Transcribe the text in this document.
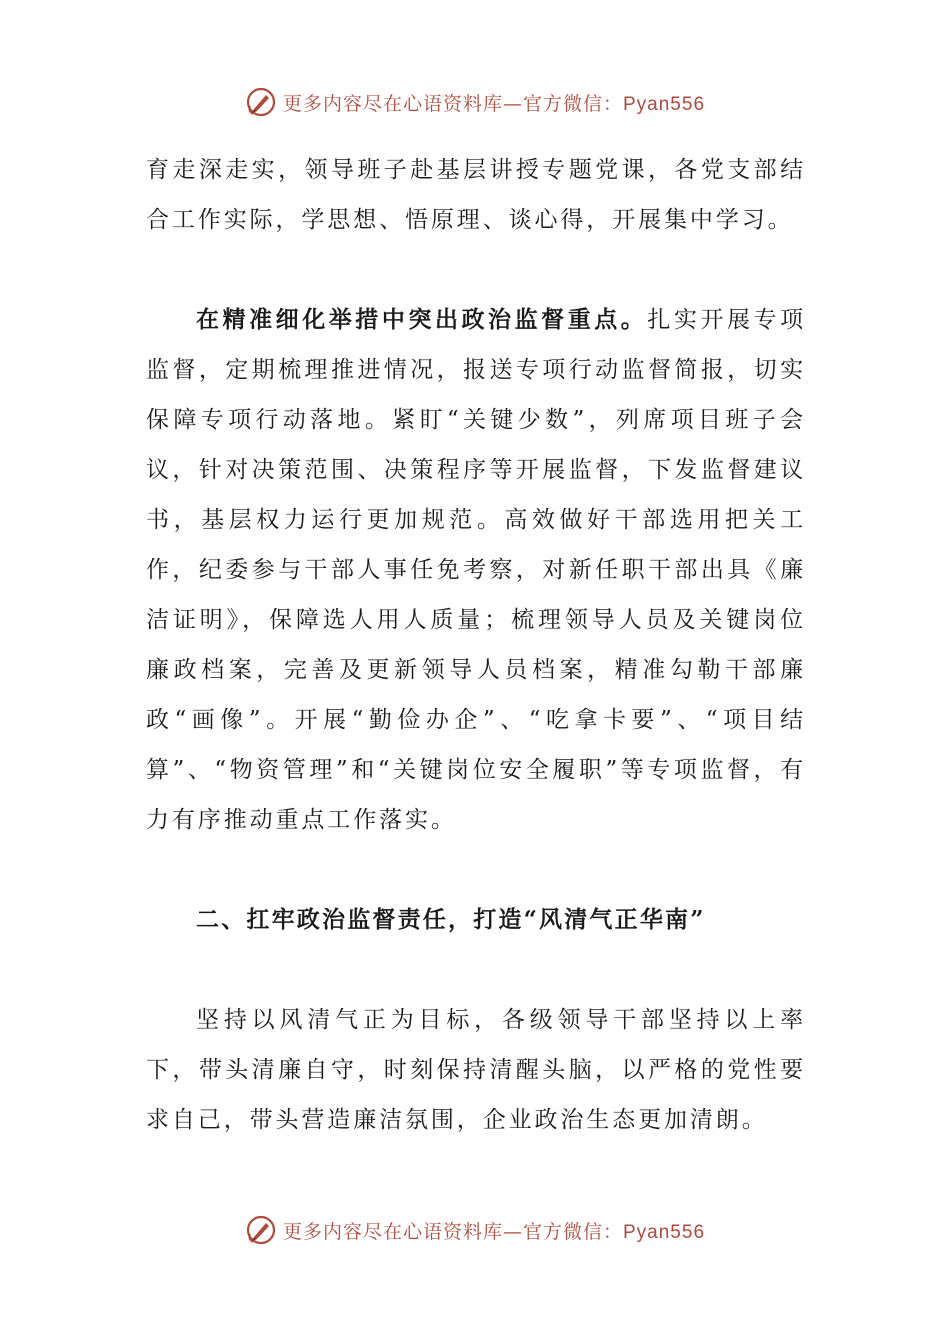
更多内容尽在心语资料库—官方微信：Pyan556

育走深走实，领导班子赴基层讲授专题党课，各党支部结合工作实际，学思想、悟原理、谈心得，开展集中学习。

在精准细化举措中突出政治监督重点。扎实开展专项监督，定期梳理推进情况，报送专项行动监督简报，切实保障专项行动落地。紧盯“关键少数”，列席项目班子会议，针对决策范围、决策程序等开展监督，下发监督建议书，基层权力运行更加规范。高效做好干部选用把关工作，纪委参与干部人事任免考察，对新任职干部出具《廉洁证明》，保障选人用人质量；梳理领导人员及关键岗位廉政档案，完善及更新领导人员档案，精准勾勒干部廉政“画像”。开展“勤俭办企”、“吃拿卡要”、“项目结算”、“物资管理”和“关键岗位安全履职”等专项监督，有力有序推动重点工作落实。

二、扛牢政治监督责任，打造“风清气正华南”

坚持以风清气正为目标，各级领导干部坚持以上率下，带头清廉自守，时刻保持清醒头脑，以严格的党性要求自己，带头营造廉洁氛围，企业政治生态更加清朗。

更多内容尽在心语资料库—官方微信：Pyan556
